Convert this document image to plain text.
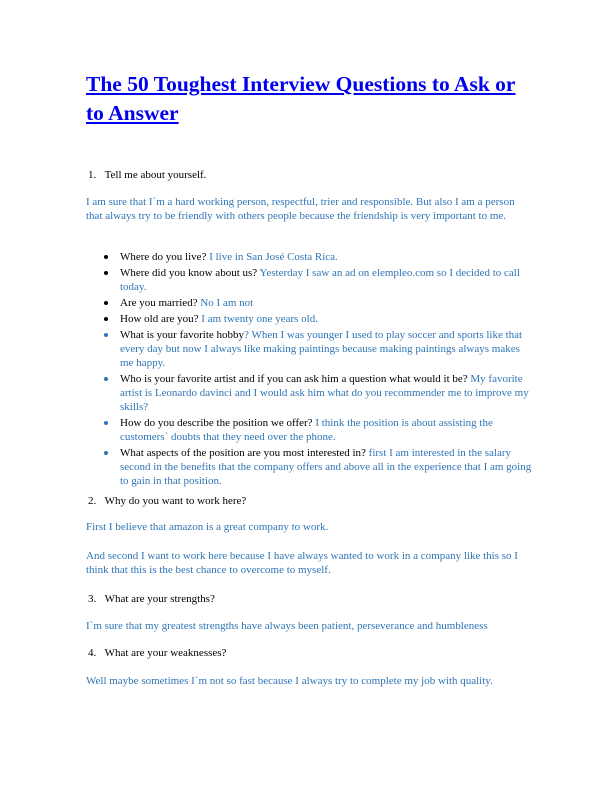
The 50 Toughest Interview Questions to Ask or to Answer
1. Tell me about yourself.
I am sure that I`m a hard working person, respectful, trier and responsible. But also I am a person that always try to be friendly with others people because the friendship is very important to me.
Where do you live? I live in San José Costa Rica.
Where did you know about us? Yesterday I saw an ad on elempleo.com so I decided to call today.
Are you married? No I am not
How old are you? I am twenty one years old.
What is your favorite hobby? When I was younger I used to play soccer and sports like that every day but now I always like making paintings because making paintings always makes me happy.
Who is your favorite artist and if you can ask him a question what would it be? My favorite artist is Leonardo davinci and I would ask him what do you recommender me to improve my skills?
How do you describe the position we offer? I think the position is about assisting the customers` doubts that they need over the phone.
What aspects of the position are you most interested in? first I am interested in the salary second in the benefits that the company offers and above all in the experience that I am going to gain in that position.
2. Why do you want to work here?
First I believe that amazon is a great company to work.
And second I want to work here because I have always wanted to work in a company like this so I think that this is the best chance to overcome to myself.
3. What are your strengths?
I`m sure that my greatest strengths have always been patient, perseverance and humbleness
4. What are your weaknesses?
Well maybe sometimes I`m not so fast because I always try to complete my job with quality.
